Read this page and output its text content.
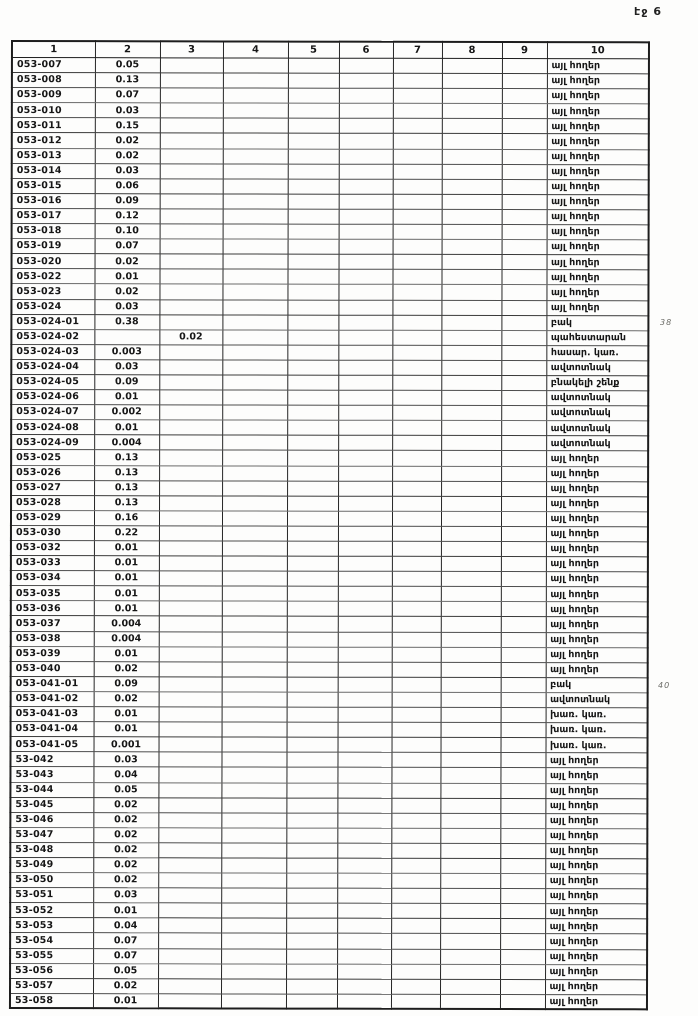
էջ 6
1	2	3	4	5	6	7	8	9	10
053-007	0.05								այլ հողեր
053-008	0.13								այլ հողեր
053-009	0.07								այլ հողեր
053-010	0.03								այլ հողեր
053-011	0.15								այլ հողեր
053-012	0.02								այլ հողեր
053-013	0.02								այլ հողեր
053-014	0.03								այլ հողեր
053-015	0.06								այլ հողեր
053-016	0.09								այլ հողեր
053-017	0.12								այլ հողեր
053-018	0.10								այլ հողեր
053-019	0.07								այլ հողեր
053-020	0.02								այլ հողեր
053-022	0.01								այլ հողեր
053-023	0.02								այլ հողեր
053-024	0.03								այլ հողեր
053-024-01	0.38								բակ
053-024-02		0.02							պահեստարան
053-024-03	0.003								հասար. կառ.
053-024-04	0.03								ավտոտնակ
053-024-05	0.09								բնակելի շենք
053-024-06	0.01								ավտոտնակ
053-024-07	0.002								ավտոտնակ
053-024-08	0.01								ավտոտնակ
053-024-09	0.004								ավտոտնակ
053-025	0.13								այլ հողեր
053-026	0.13								այլ հողեր
053-027	0.13								այլ հողեր
053-028	0.13								այլ հողեր
053-029	0.16								այլ հողեր
053-030	0.22								այլ հողեր
053-032	0.01								այլ հողեր
053-033	0.01								այլ հողեր
053-034	0.01								այլ հողեր
053-035	0.01								այլ հողեր
053-036	0.01								այլ հողեր
053-037	0.004								այլ հողեր
053-038	0.004								այլ հողեր
053-039	0.01								այլ հողեր
053-040	0.02								այլ հողեր
053-041-01	0.09								բակ
053-041-02	0.02								ավտոտնակ
053-041-03	0.01								խառ. կառ.
053-041-04	0.01								խառ. կառ.
053-041-05	0.001								խառ. կառ.
53-042	0.03								այլ հողեր
53-043	0.04								այլ հողեր
53-044	0.05								այլ հողեր
53-045	0.02								այլ հողեր
53-046	0.02								այլ հողեր
53-047	0.02								այլ հողեր
53-048	0.02								այլ հողեր
53-049	0.02								այլ հողեր
53-050	0.02								այլ հողեր
53-051	0.03								այլ հողեր
53-052	0.01								այլ հողեր
53-053	0.04								այլ հողեր
53-054	0.07								այլ հողեր
53-055	0.07								այլ հողեր
53-056	0.05								այլ հողեր
53-057	0.02								այլ հողեր
53-058	0.01								այլ հողեր
38
40
